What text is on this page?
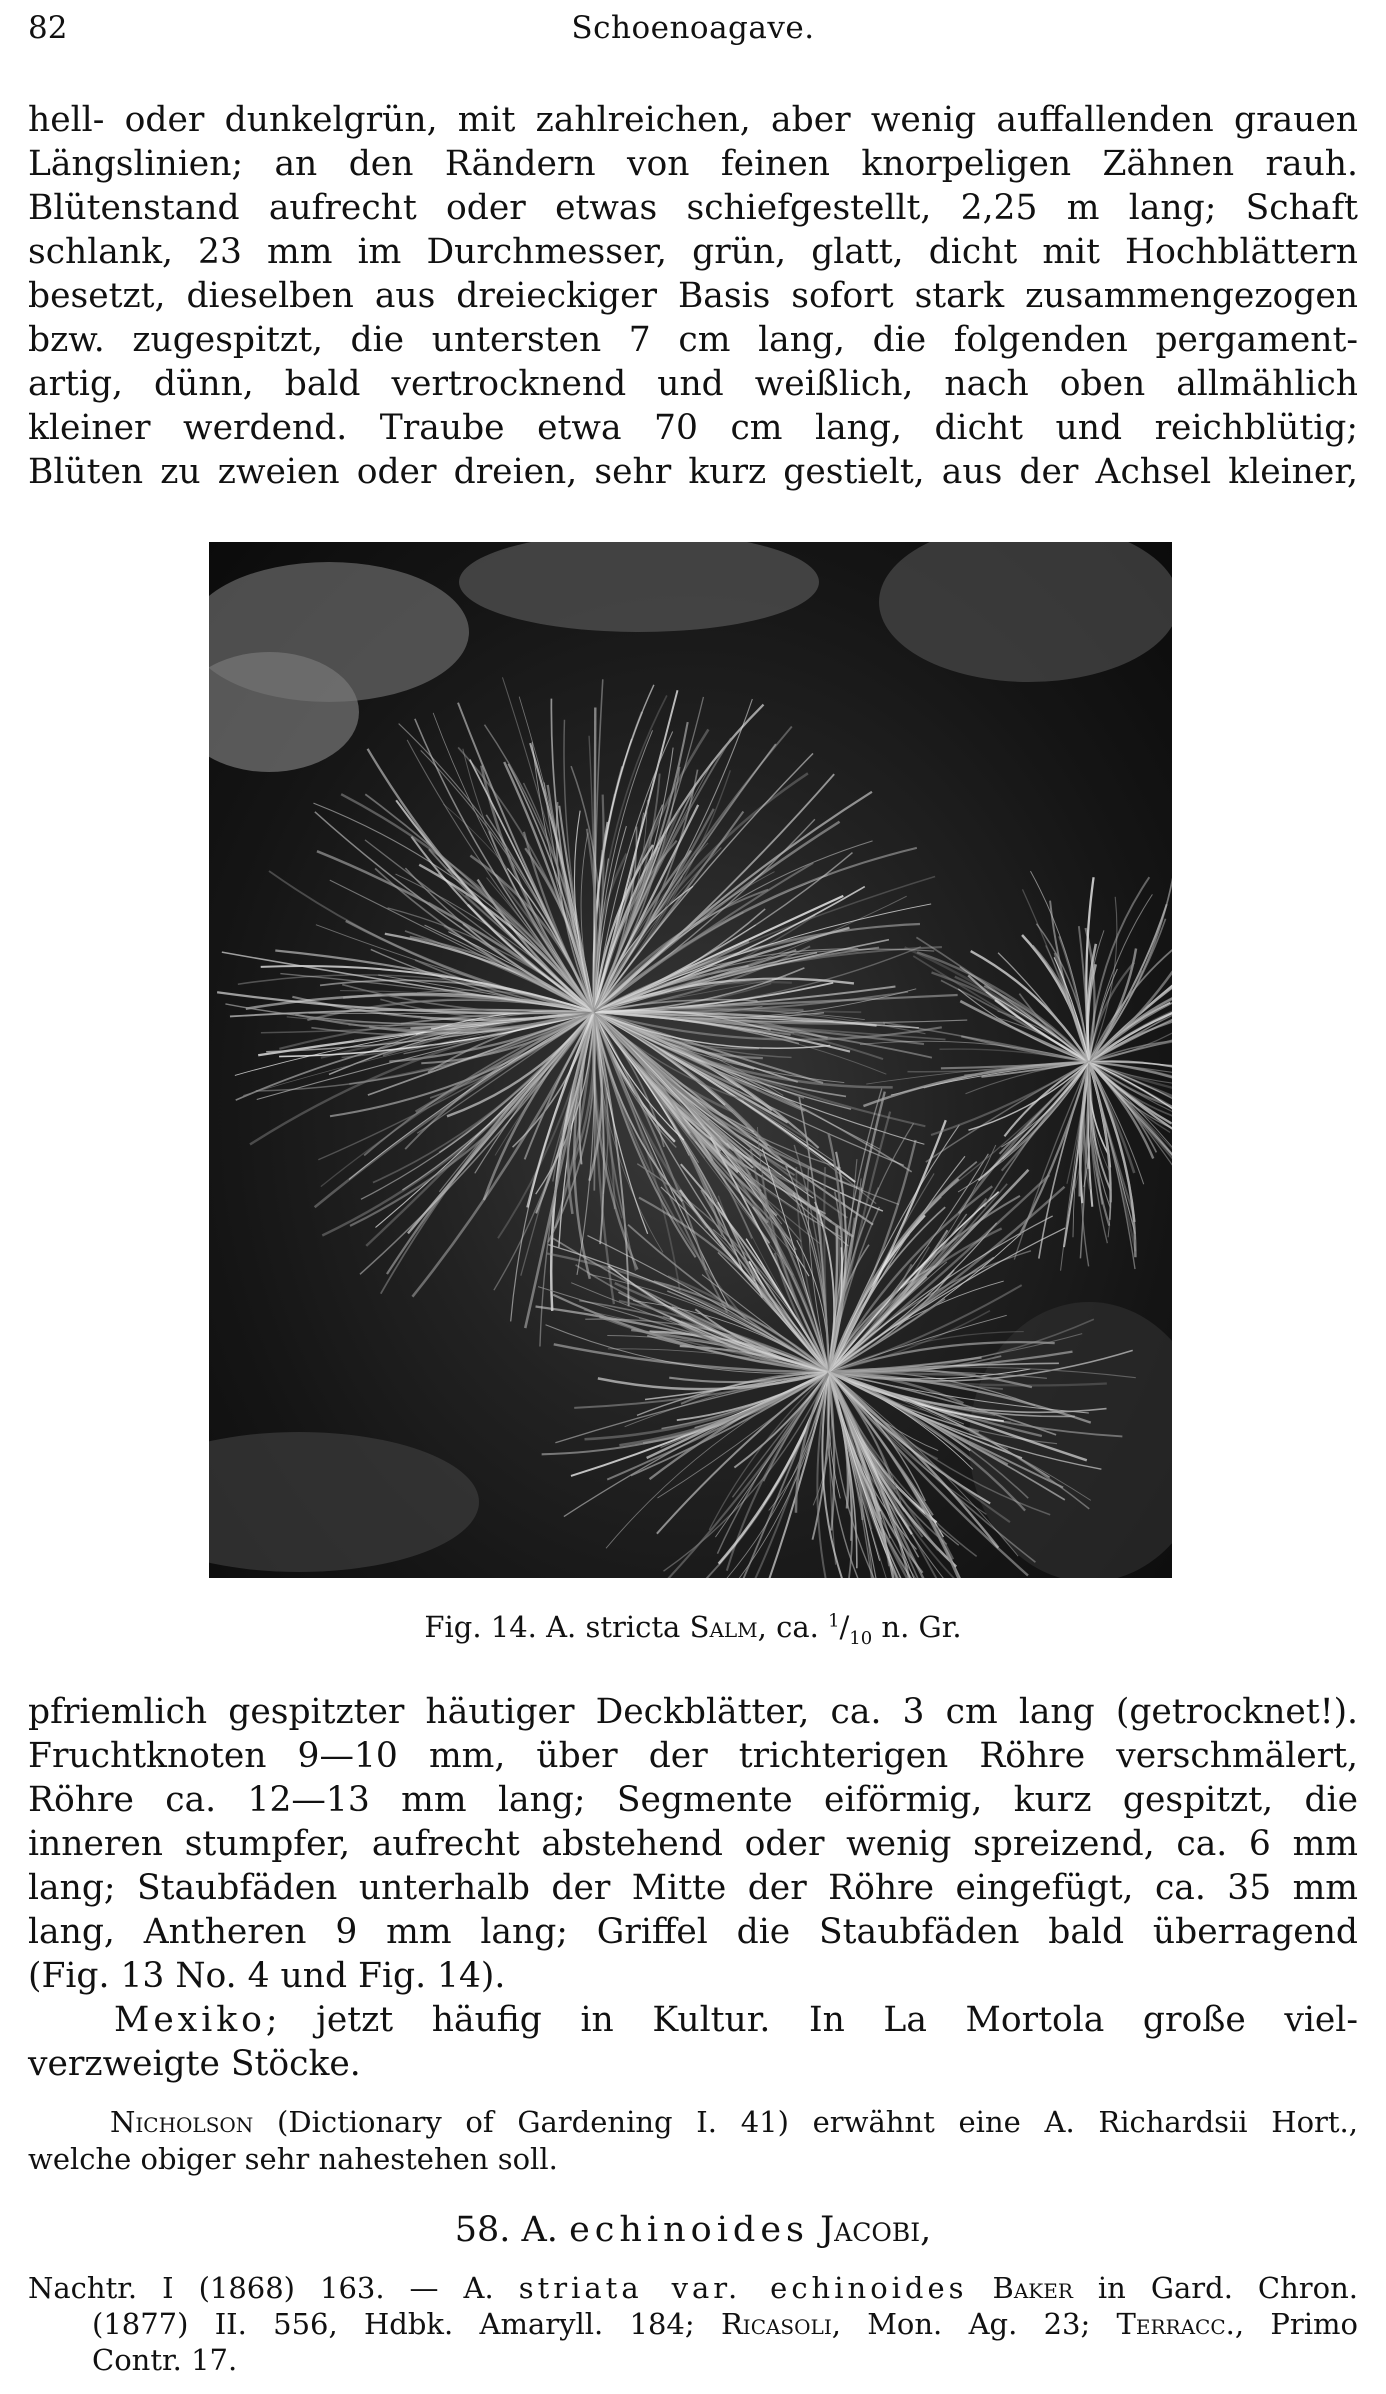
82	Schoenoagave.
hell- oder dunkelgrün, mit zahlreichen, aber wenig auffallenden grauen
Längslinien; an den Rändern von feinen knorpeligen Zähnen rauh.
Blütenstand aufrecht oder etwas schiefgestellt, 2,25 m lang; Schaft
schlank, 23 mm im Durchmesser, grün, glatt, dicht mit Hochblättern
besetzt, dieselben aus dreieckiger Basis sofort stark zusammengezogen
bzw. zugespitzt, die untersten 7 cm lang, die folgenden pergament-
artig, dünn, bald vertrocknend und weißlich, nach oben allmählich
kleiner werdend. Traube etwa 70 cm lang, dicht und reichblütig;
Blüten zu zweien oder dreien, sehr kurz gestielt, aus der Achsel kleiner,
Fig. 14. A. stricta Salm, ca. $^1/_{10}$ n. Gr.
pfriemlich gespitzter häutiger Deckblätter, ca. 3 cm lang (getrocknet!).
Fruchtknoten 9—10 mm, über der trichterigen Röhre verschmälert,
Röhre ca. 12—13 mm lang; Segmente eiförmig, kurz gespitzt, die
inneren stumpfer, aufrecht abstehend oder wenig spreizend, ca. 6 mm
lang; Staubfäden unterhalb der Mitte der Röhre eingefügt, ca. 35 mm
lang, Antheren 9 mm lang; Griffel die Staubfäden bald überragend
(Fig. 13 No. 4 und Fig. 14).
Mexiko; jetzt häufig in Kultur. In La Mortola große viel-
verzweigte Stöcke.
Nicholson (Dictionary of Gardening I. 41) erwähnt eine A. Richardsii Hort.,
welche obiger sehr nahestehen soll.
58. A. echinoides Jacobi,
Nachtr. I (1868) 163. — A. striata var. echinoides Baker in Gard. Chron.
(1877) II. 556, Hdbk. Amaryll. 184; Ricasoli, Mon. Ag. 23; Terracc., Primo
Contr. 17.
